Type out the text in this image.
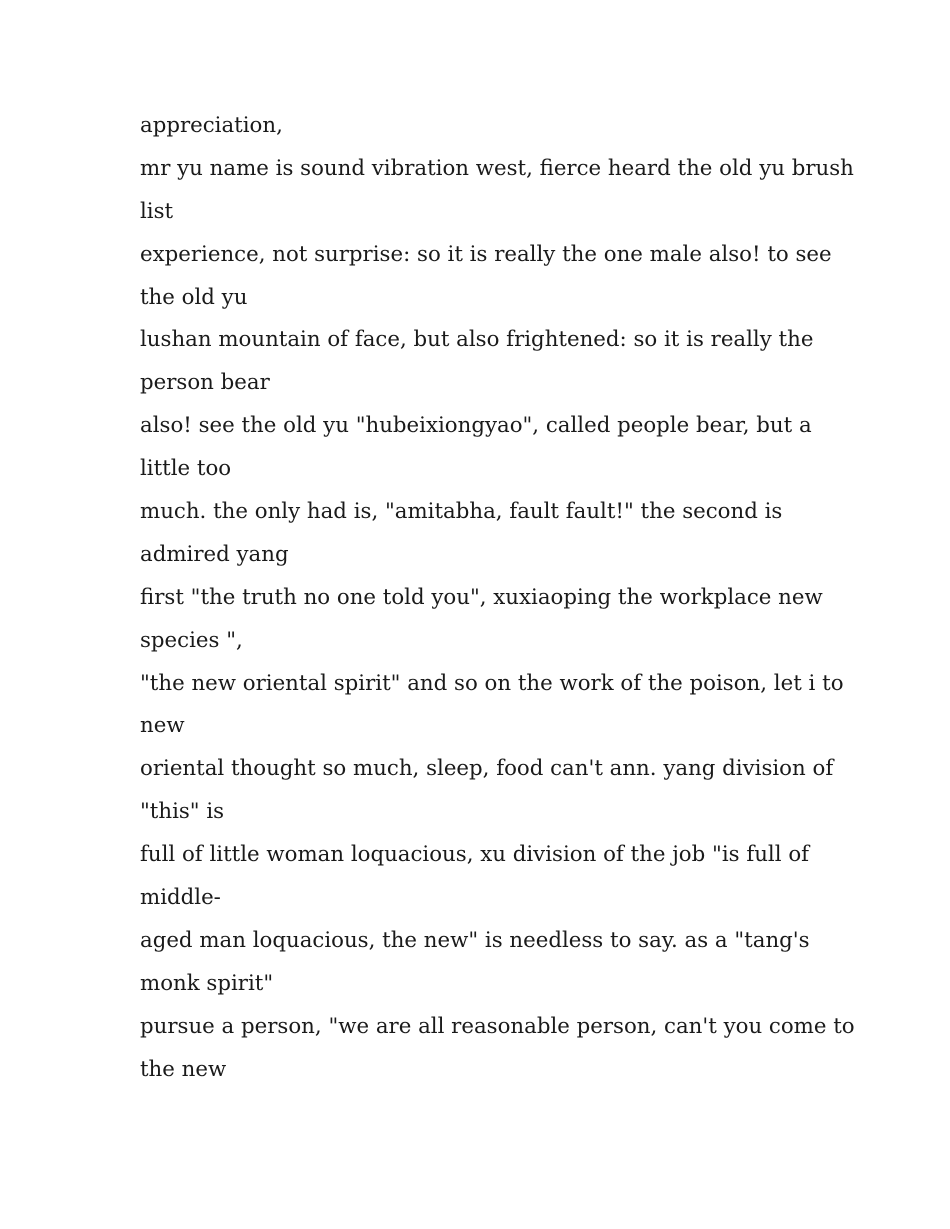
appreciation,
mr yu name is sound vibration west, fierce heard the old yu brush
list
experience, not surprise: so it is really the one male also! to see
the old yu
lushan mountain of face, but also frightened: so it is really the
person bear
also! see the old yu "hubeixiongyao", called people bear, but a
little too
much. the only had is, "amitabha, fault fault!" the second is
admired yang
first "the truth no one told you", xuxiaoping the workplace new
species ",
"the new oriental spirit" and so on the work of the poison, let i to
new
oriental thought so much, sleep, food can't ann. yang division of
"this" is
full of little woman loquacious, xu division of the job "is full of
middle-
aged man loquacious, the new" is needless to say. as a "tang's
monk spirit"
pursue a person, "we are all reasonable person, can't you come to
the new
